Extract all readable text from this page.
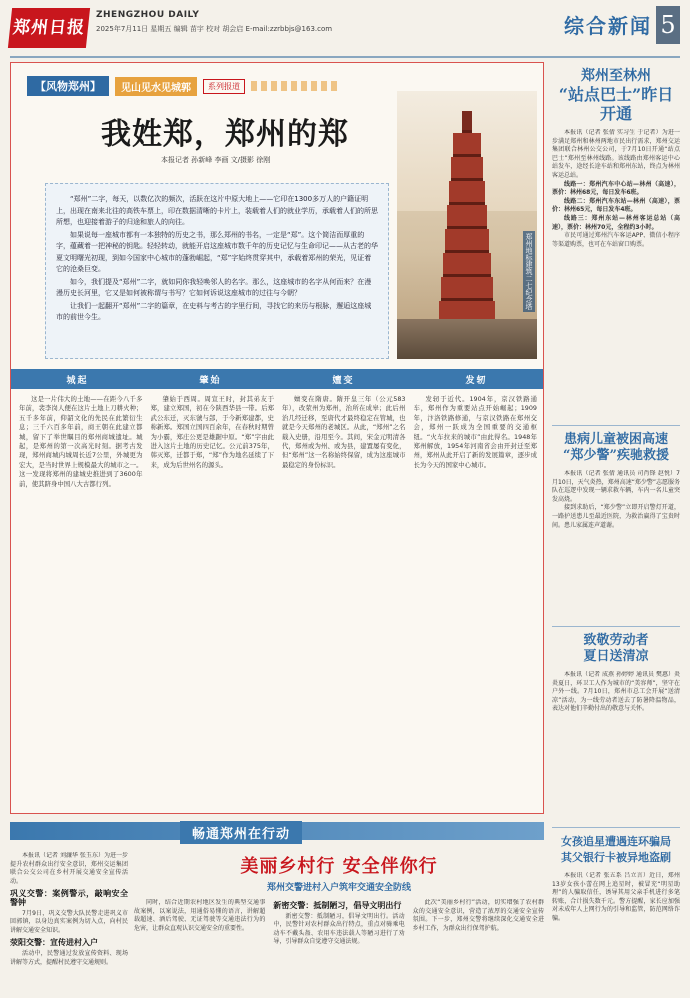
郑州日报
ZHENGZHOU DAILY
2025年7月11日 星期五 编辑 苗宇 校对 胡会启 E-mail:zzrbbjs@163.com	综合新闻 5
【风物郑州】	见山见水见城郭	系列报道
我姓郑，郑州的郑
本报记者 孙新峰 李画 文/摄影 徐刚
郑州地标建筑二七纪念塔

“郑州”二字，每天，以数亿次的频次，活跃在这片中原大地上——它印在1300多万人的户籍证明上，出现在南来北往的高铁车票上，印在数据清晰的卡片上，装载着人们的就业学历，承载着人们的所思所想，也迎接着游子的归途和旅人的向往。

如果说每一座城市都有一本独特的历史之书，那么郑州的书名，一定是“郑”。这个简洁而厚重的字，蕴藏着一把神秘的钥匙。轻轻转动，就能开启这座城市数千年的历史记忆与生命印记——从古老的华夏文明曙光初现，到如今国家中心城市的蓬勃崛起，“郑”字始终贯穿其中，承载着郑州的荣光，见证着它的沧桑巨变。

如今，我们提及“郑州”二字，就如同你我轻唤邻人的名字。那么，这座城市的名字从何而来？在漫漫历史长河里，它又是如何被称谓与书写？它如何诉说这座城市的过往与今朝？

让我们一起翻开“郑州”二字的篇章，在史料与考古的字里行间，寻找它的来历与根脉，邂逅这座城市的前世今生。

城起	肇始	嬗变	发轫

这是一片伟大的土地——在距今八千多年前，裴李岗人便在这片土地上刀耕火种；五千多年前，仰韶文化的先民在此繁衍生息；三千六百多年前，商王朝在此建立都城，留下了举世瞩目的郑州商城遗址。城起，是郑州的第一次高光时刻。据考古发现，郑州商城内城周长近7公里，外城更为宏大，是当时世界上规模最大的城市之一。这一发现将郑州的建城史推进到了3600年前，使其跻身中国八大古都行列。

肇始于西周。周宣王时，封其弟友于郑，建立郑国，初在今陕西华县一带。后郑武公东迁，灭东虢与郐，于今新郑建都，史称新郑。郑国立国四百余年，在春秋时期曾为小霸，郑庄公更是雄踞中原。“郑”字由此进入这片土地的历史记忆。公元前375年，韩灭郑，迁都于郑，“郑”作为地名延续了下来，成为后世州名的源头。

嬗变在隋唐。隋开皇三年（公元583年），改荥州为郑州，治所在成皋；此后州治几经迁移，至唐代才最终稳定在管城，也就是今天郑州的老城区。从此，“郑州”之名载入史册，沿用至今。其间，宋金元明清各代，郑州或为州、或为县，建置屡有变化，但“郑州”这一名称始终保留，成为这座城市最稳定的身份标识。

发轫于近代。1904年，京汉铁路通车，郑州作为重要站点开始崛起；1909年，汴洛铁路修通，与京汉铁路在郑州交会，郑州一跃成为全国重要的交通枢纽。“火车拉来的城市”由此得名。1948年郑州解放，1954年河南省会由开封迁至郑州，郑州从此开启了新的发展篇章，逐步成长为今天的国家中心城市。

郑州至林州
“站点巴士”昨日开通

本报讯（记者 张倩 实习生 于记者）为进一步满足郑州和林州两地市民出行需求，郑州交运集团联合林州公交公司，于7月10日开通“站点巴士”郑州至林州线路。该线路由郑州客运中心站发车，途经长途车站和郑州东站，终点为林州客运总站。

线路一：郑州汽车中心站—林州（高速），票价：林州68元，每日发车6班。

线路二：郑州汽车东站—林州（高速），票价：林州65元，每日发车4班。

线路三：郑州东站—林州客运总站（高速），票价：林州70元，全程约3小时。

市民可通过郑州汽车客运APP、微信小程序等渠道购票，也可在车站窗口购票。

患病儿童被困高速
“郑少警”疾驰救援

本报讯（记者 张倩 通讯员 司肖锋 赵悦）7月10日，天气炎热，郑州高速“郑少警”志愿服务队在巡逻中发现一辆求救车辆，车内一名儿童突发高烧。

接到求助后，“郑少警”立即开启警灯开道，一路护送患儿至最近医院，为救治赢得了宝贵时间。患儿家属连声道谢。

致敬劳动者
夏日送清凉

本报讯（记者 成燕 孙婷婷 通讯员 樊惠）炎炎夏日，环卫工人作为城市的“美容师”，坚守在户外一线。7月10日，郑州市总工会开展“送清凉”活动，为一线劳动者送去了防暑降温物品，表达对他们辛勤付出的敬意与关怀。

女孩追星遭遇连环骗局
其父银行卡被异地盗刷

本报讯（记者 张五系 吕立言）近日，郑州13岁女孩小蕾在网上追星时，被冒充“明星助理”的人骗取信任，诱导其用父亲手机进行多笔转账，合计损失数千元。警方提醒，家长应加强对未成年人上网行为的引导和监管，防范网络诈骗。

畅通郑州在行动

本报讯（记者 刘濂华 张玉东）为进一步提升农村群众出行安全意识，郑州交运集团联合公交公司在乡村开展交通安全宣传活动。

巩义交警：案例警示，敲响安全警钟

7月9日，巩义交警大队民警走进巩义市回郭镇，以身边真实案例为切入点，向村民讲解交通安全知识。

荥阳交警：宣传进村入户

活动中，民警通过发放宣传资料、现场讲解等方式，提醒村民遵守交通规则。

美丽乡村行 安全伴你行
郑州交警进村入户筑牢交通安全防线

同时，结合近期农村地区发生的典型交通事故案例，以案说法，用通俗易懂的语言，讲解超载超速、酒后驾驶、无证驾驶等交通违法行为的危害，让群众直观认识交通安全的重要性。

新密交警：抵制陋习，倡导文明出行

新密交警：抵制陋习，倡导文明出行。活动中，民警针对农村群众出行特点，重点对骑乘电动车不戴头盔、农用车违法载人等陋习进行了劝导，引导群众自觉遵守交通法规。

此次“美丽乡村行”活动，切实增强了农村群众的交通安全意识，营造了浓厚的交通安全宣传氛围。下一步，郑州交警将继续深化交通安全进乡村工作，为群众出行保驾护航。
